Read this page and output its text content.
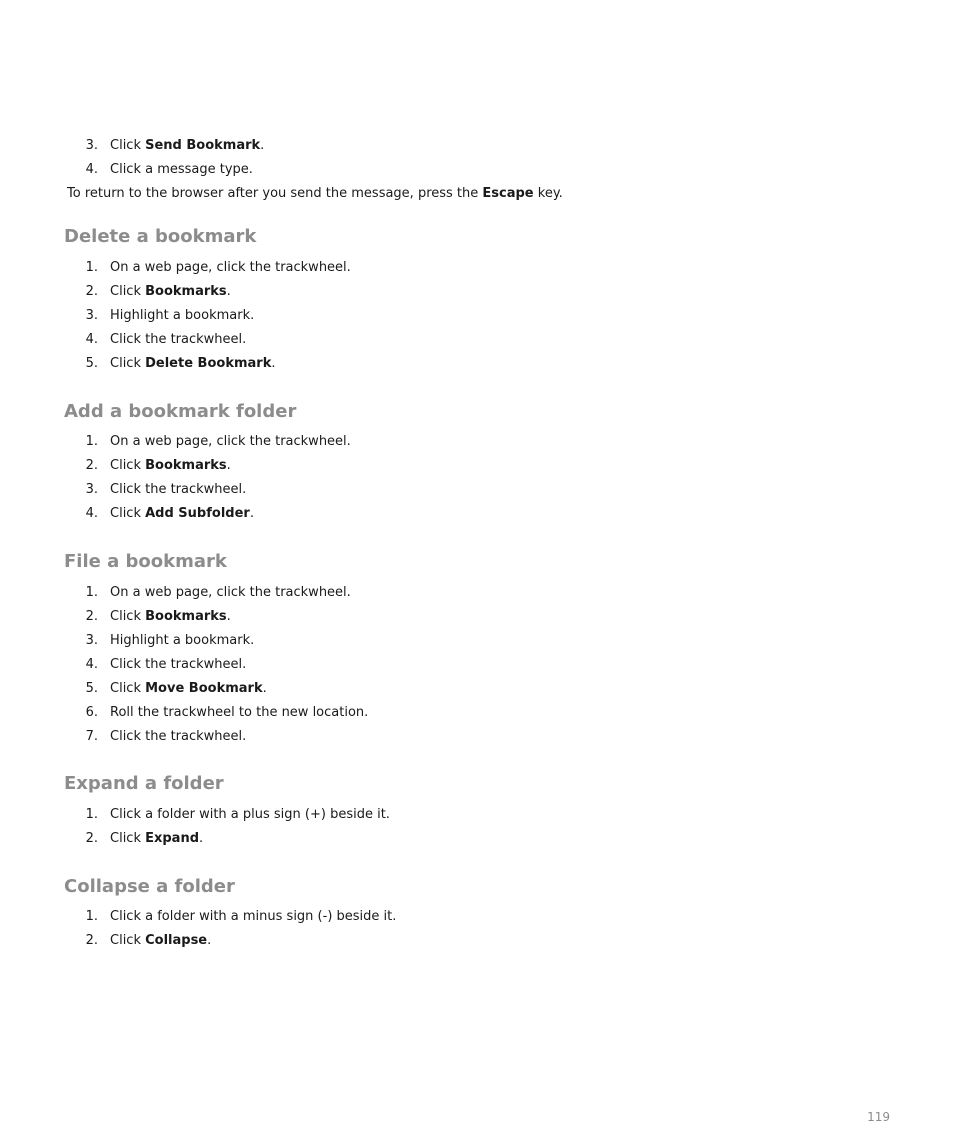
3. Click Send Bookmark.
4. Click a message type.

To return to the browser after you send the message, press the Escape key.

Delete a bookmark
1. On a web page, click the trackwheel.
2. Click Bookmarks.
3. Highlight a bookmark.
4. Click the trackwheel.
5. Click Delete Bookmark.
Add a bookmark folder
1. On a web page, click the trackwheel.
2. Click Bookmarks.
3. Click the trackwheel.
4. Click Add Subfolder.
File a bookmark
1. On a web page, click the trackwheel.
2. Click Bookmarks.
3. Highlight a bookmark.
4. Click the trackwheel.
5. Click Move Bookmark.
6. Roll the trackwheel to the new location.
7. Click the trackwheel.
Expand a folder
1. Click a folder with a plus sign (+) beside it.
2. Click Expand.
Collapse a folder
1. Click a folder with a minus sign (-) beside it.
2. Click Collapse.
119
